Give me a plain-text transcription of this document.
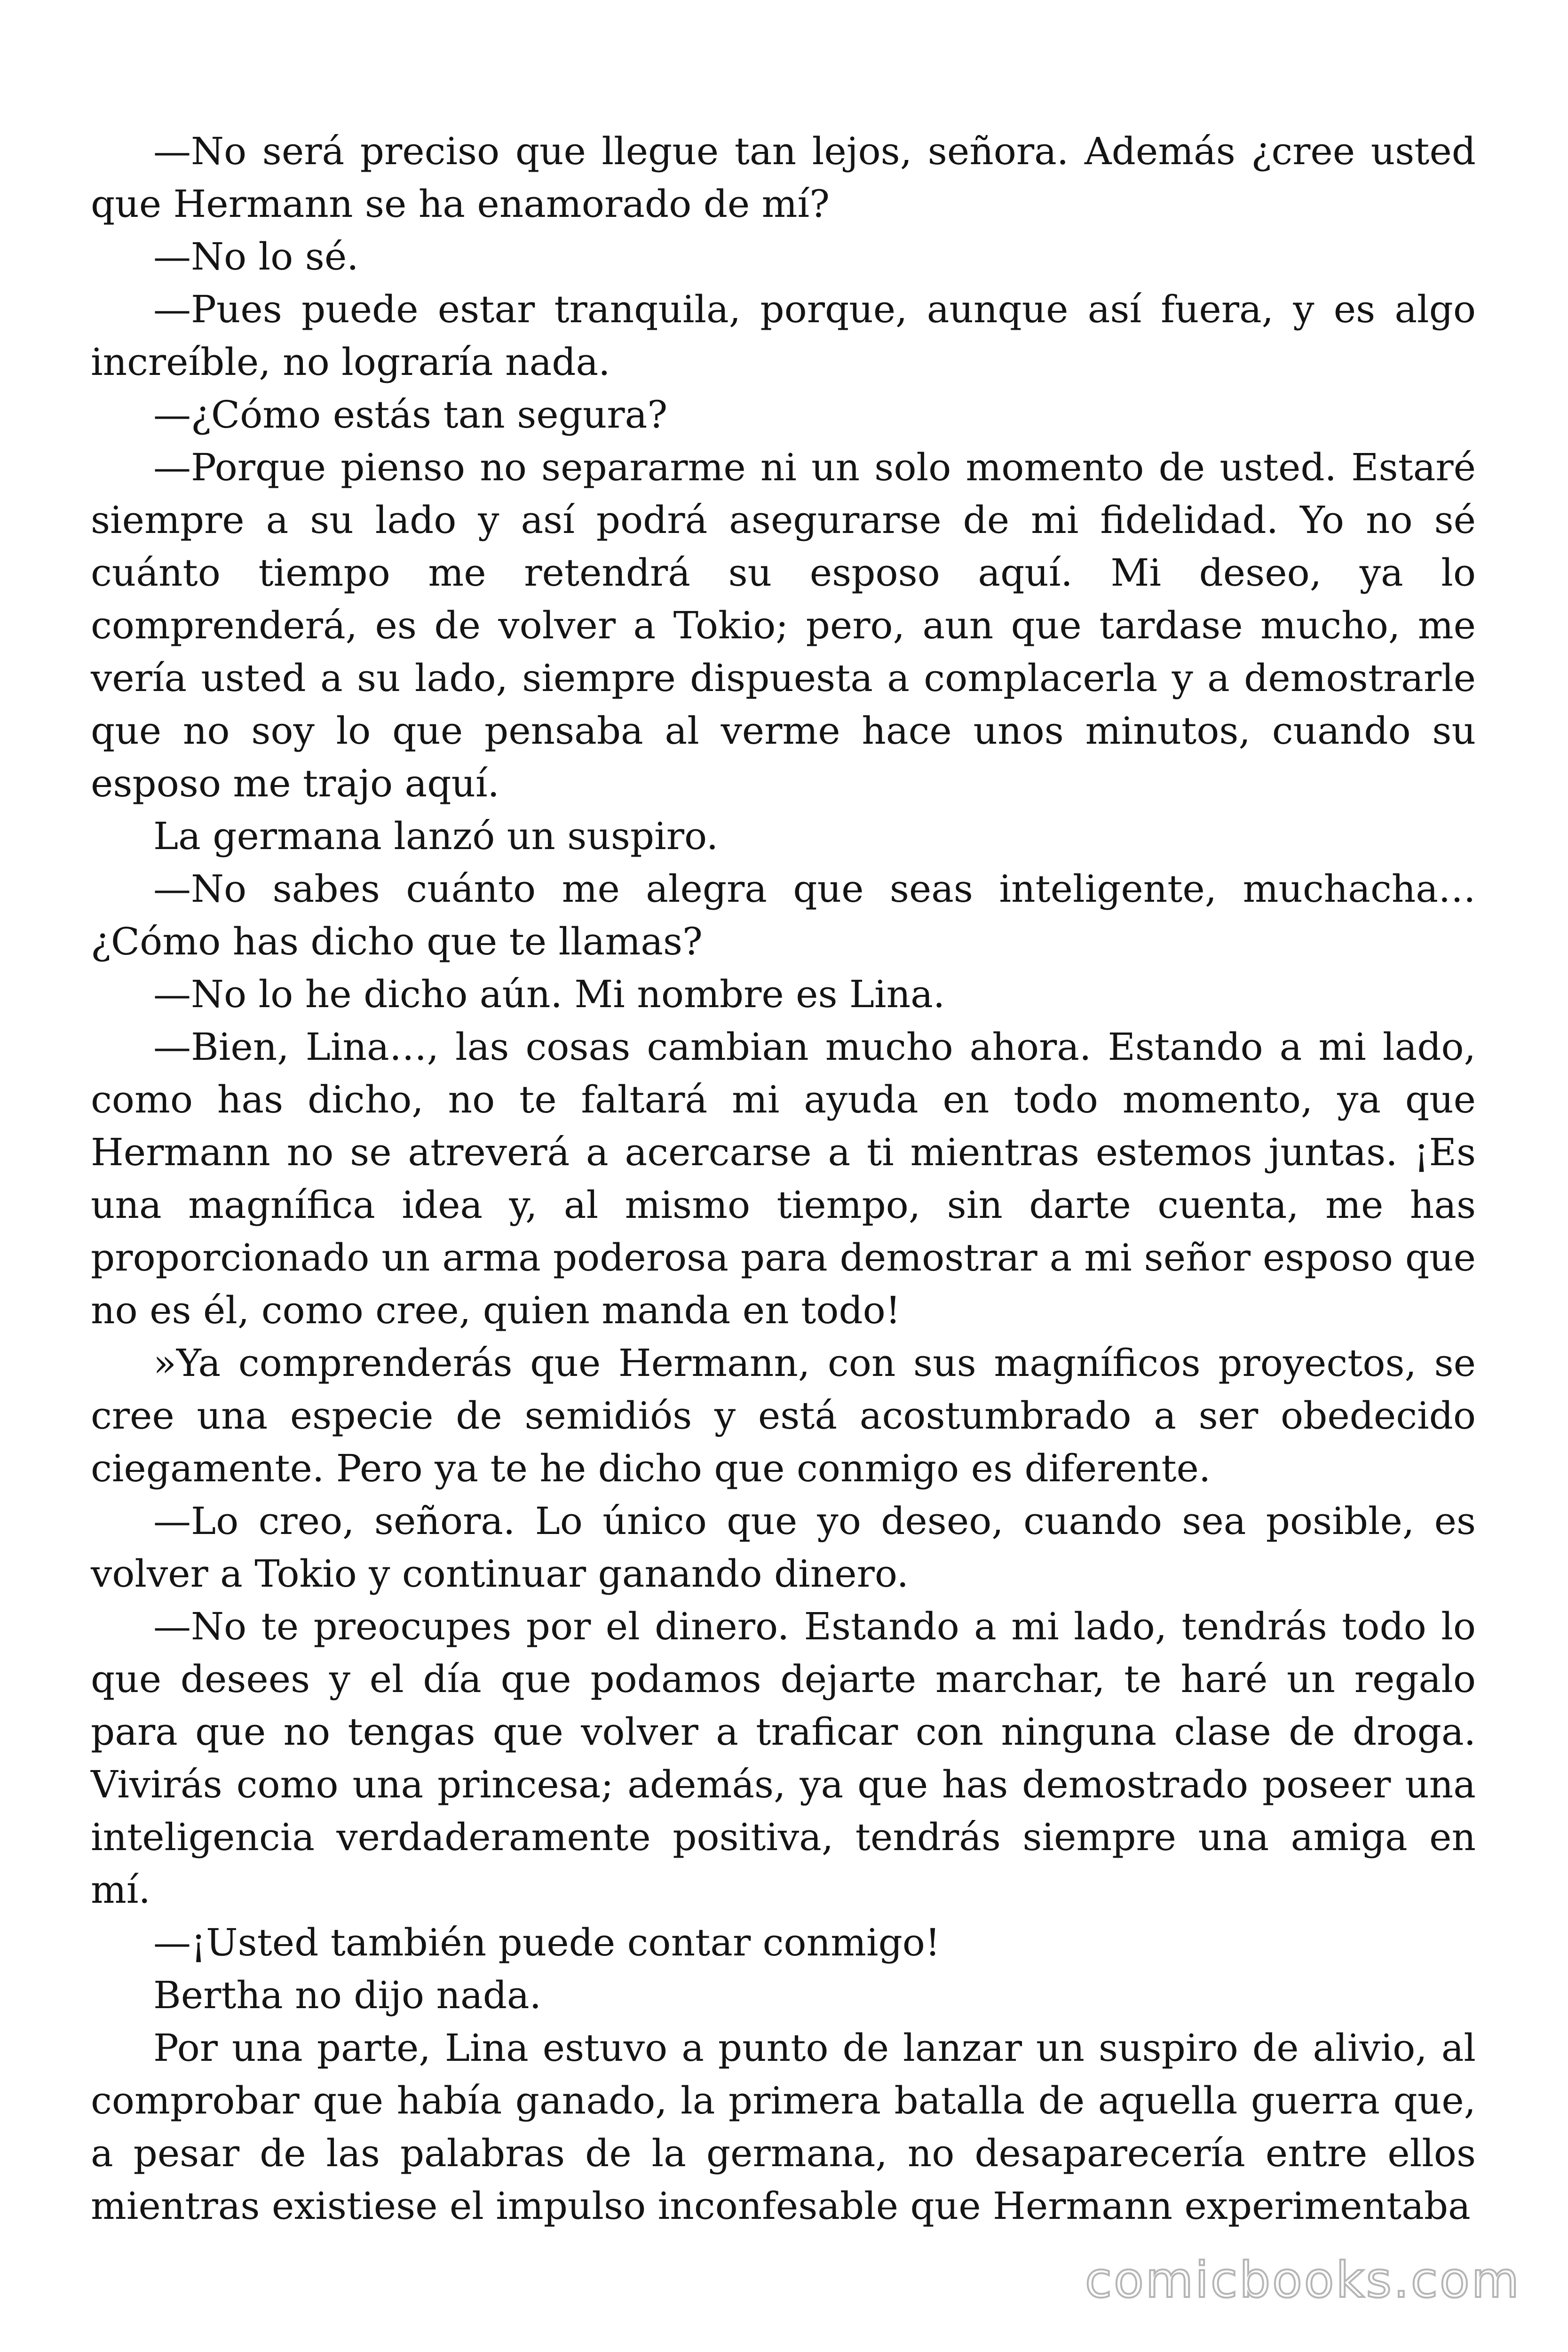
—No será preciso que llegue tan lejos, señora. Además ¿cree usted que Hermann se ha enamorado de mí?

—No lo sé.

—Pues puede estar tranquila, porque, aunque así fuera, y es algo increíble, no lograría nada.

—¿Cómo estás tan segura?

—Porque pienso no separarme ni un solo momento de usted. Estaré siempre a su lado y así podrá asegurarse de mi fidelidad. Yo no sé cuánto tiempo me retendrá su esposo aquí. Mi deseo, ya lo comprenderá, es de volver a Tokio; pero, aun que tardase mucho, me vería usted a su lado, siempre dispuesta a complacerla y a demostrarle que no soy lo que pensaba al verme hace unos minutos, cuando su esposo me trajo aquí.

La germana lanzó un suspiro.

—No sabes cuánto me alegra que seas inteligente, muchacha… ¿Cómo has dicho que te llamas?

—No lo he dicho aún. Mi nombre es Lina.

—Bien, Lina…, las cosas cambian mucho ahora. Estando a mi lado, como has dicho, no te faltará mi ayuda en todo momento, ya que Hermann no se atreverá a acercarse a ti mientras estemos juntas. ¡Es una magnífica idea y, al mismo tiempo, sin darte cuenta, me has proporcionado un arma poderosa para demostrar a mi señor esposo que no es él, como cree, quien manda en todo!

»Ya comprenderás que Hermann, con sus magníficos proyectos, se cree una especie de semidiós y está acostumbrado a ser obedecido ciegamente. Pero ya te he dicho que conmigo es diferente.

—Lo creo, señora. Lo único que yo deseo, cuando sea posible, es volver a Tokio y continuar ganando dinero.

—No te preocupes por el dinero. Estando a mi lado, tendrás todo lo que desees y el día que podamos dejarte marchar, te haré un regalo para que no tengas que volver a traficar con ninguna clase de droga. Vivirás como una princesa; además, ya que has demostrado poseer una inteligencia verdaderamente positiva, tendrás siempre una amiga en mí.

—¡Usted también puede contar conmigo!

Bertha no dijo nada.

Por una parte, Lina estuvo a punto de lanzar un suspiro de alivio, al comprobar que había ganado, la primera batalla de aquella guerra que, a pesar de las palabras de la germana, no desaparecería entre ellos mientras existiese el impulso inconfesable que Hermann experimentaba

comicbooks.com
